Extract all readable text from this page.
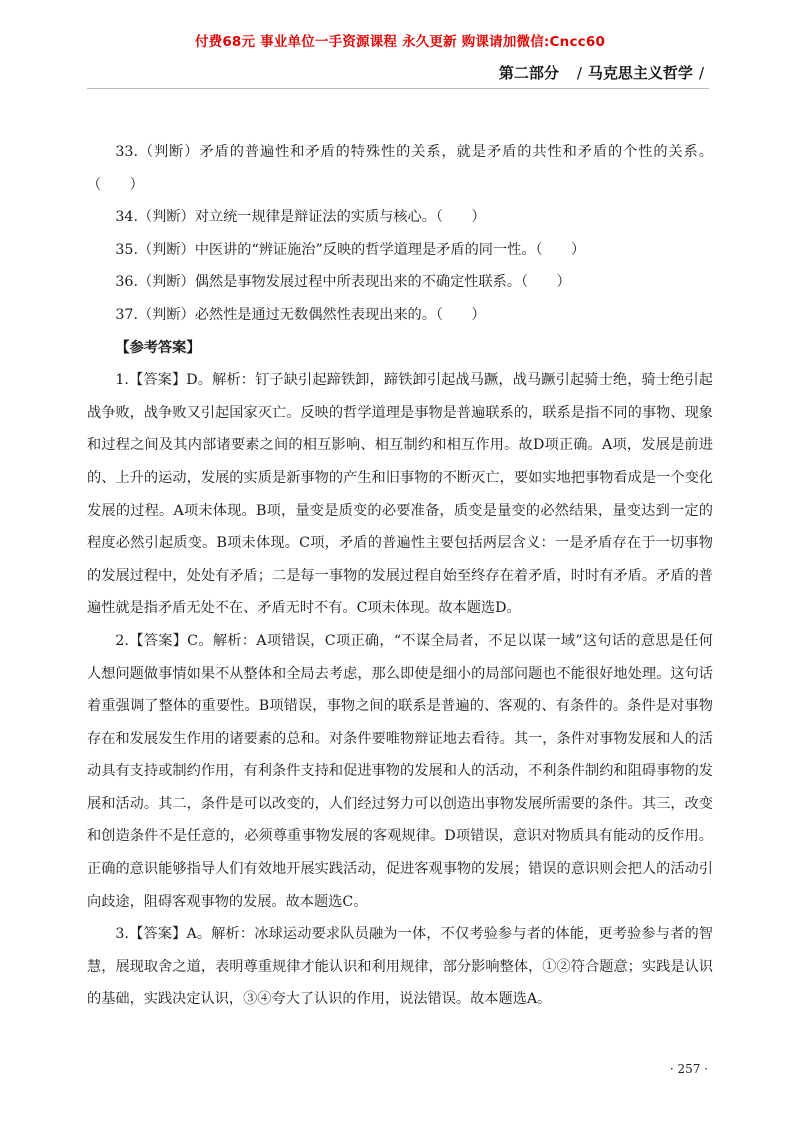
付费68元 事业单位一手资源课程 永久更新 购课请加微信:Cncc60
第二部分 / 马克思主义哲学 /

33.（判断）矛盾的普遍性和矛盾的特殊性的关系，就是矛盾的共性和矛盾的个性的关系。（　　）

34.（判断）对立统一规律是辩证法的实质与核心。（　　）

35.（判断）中医讲的“辨证施治”反映的哲学道理是矛盾的同一性。（　　）

36.（判断）偶然是事物发展过程中所表现出来的不确定性联系。（　　）

37.（判断）必然性是通过无数偶然性表现出来的。（　　）

【参考答案】

1.【答案】D。解析：钉子缺引起蹄铁卸，蹄铁卸引起战马蹶，战马蹶引起骑士绝，骑士绝引起战争败，战争败又引起国家灭亡。反映的哲学道理是事物是普遍联系的，联系是指不同的事物、现象和过程之间及其内部诸要素之间的相互影响、相互制约和相互作用。故D项正确。A项，发展是前进的、上升的运动，发展的实质是新事物的产生和旧事物的不断灭亡，要如实地把事物看成是一个变化发展的过程。A项未体现。B项，量变是质变的必要准备，质变是量变的必然结果，量变达到一定的程度必然引起质变。B项未体现。C项，矛盾的普遍性主要包括两层含义：一是矛盾存在于一切事物的发展过程中，处处有矛盾；二是每一事物的发展过程自始至终存在着矛盾，时时有矛盾。矛盾的普遍性就是指矛盾无处不在、矛盾无时不有。C项未体现。故本题选D。

2.【答案】C。解析：A项错误，C项正确，“不谋全局者，不足以谋一域”这句话的意思是任何人想问题做事情如果不从整体和全局去考虑，那么即使是细小的局部问题也不能很好地处理。这句话着重强调了整体的重要性。B项错误，事物之间的联系是普遍的、客观的、有条件的。条件是对事物存在和发展发生作用的诸要素的总和。对条件要唯物辩证地去看待。其一，条件对事物发展和人的活动具有支持或制约作用，有利条件支持和促进事物的发展和人的活动，不利条件制约和阻碍事物的发展和活动。其二，条件是可以改变的，人们经过努力可以创造出事物发展所需要的条件。其三，改变和创造条件不是任意的，必须尊重事物发展的客观规律。D项错误，意识对物质具有能动的反作用。正确的意识能够指导人们有效地开展实践活动，促进客观事物的发展；错误的意识则会把人的活动引向歧途，阻碍客观事物的发展。故本题选C。

3.【答案】A。解析：冰球运动要求队员融为一体，不仅考验参与者的体能，更考验参与者的智慧，展现取舍之道，表明尊重规律才能认识和利用规律，部分影响整体，①②符合题意；实践是认识的基础，实践决定认识，③④夸大了认识的作用，说法错误。故本题选A。

· 257 ·
